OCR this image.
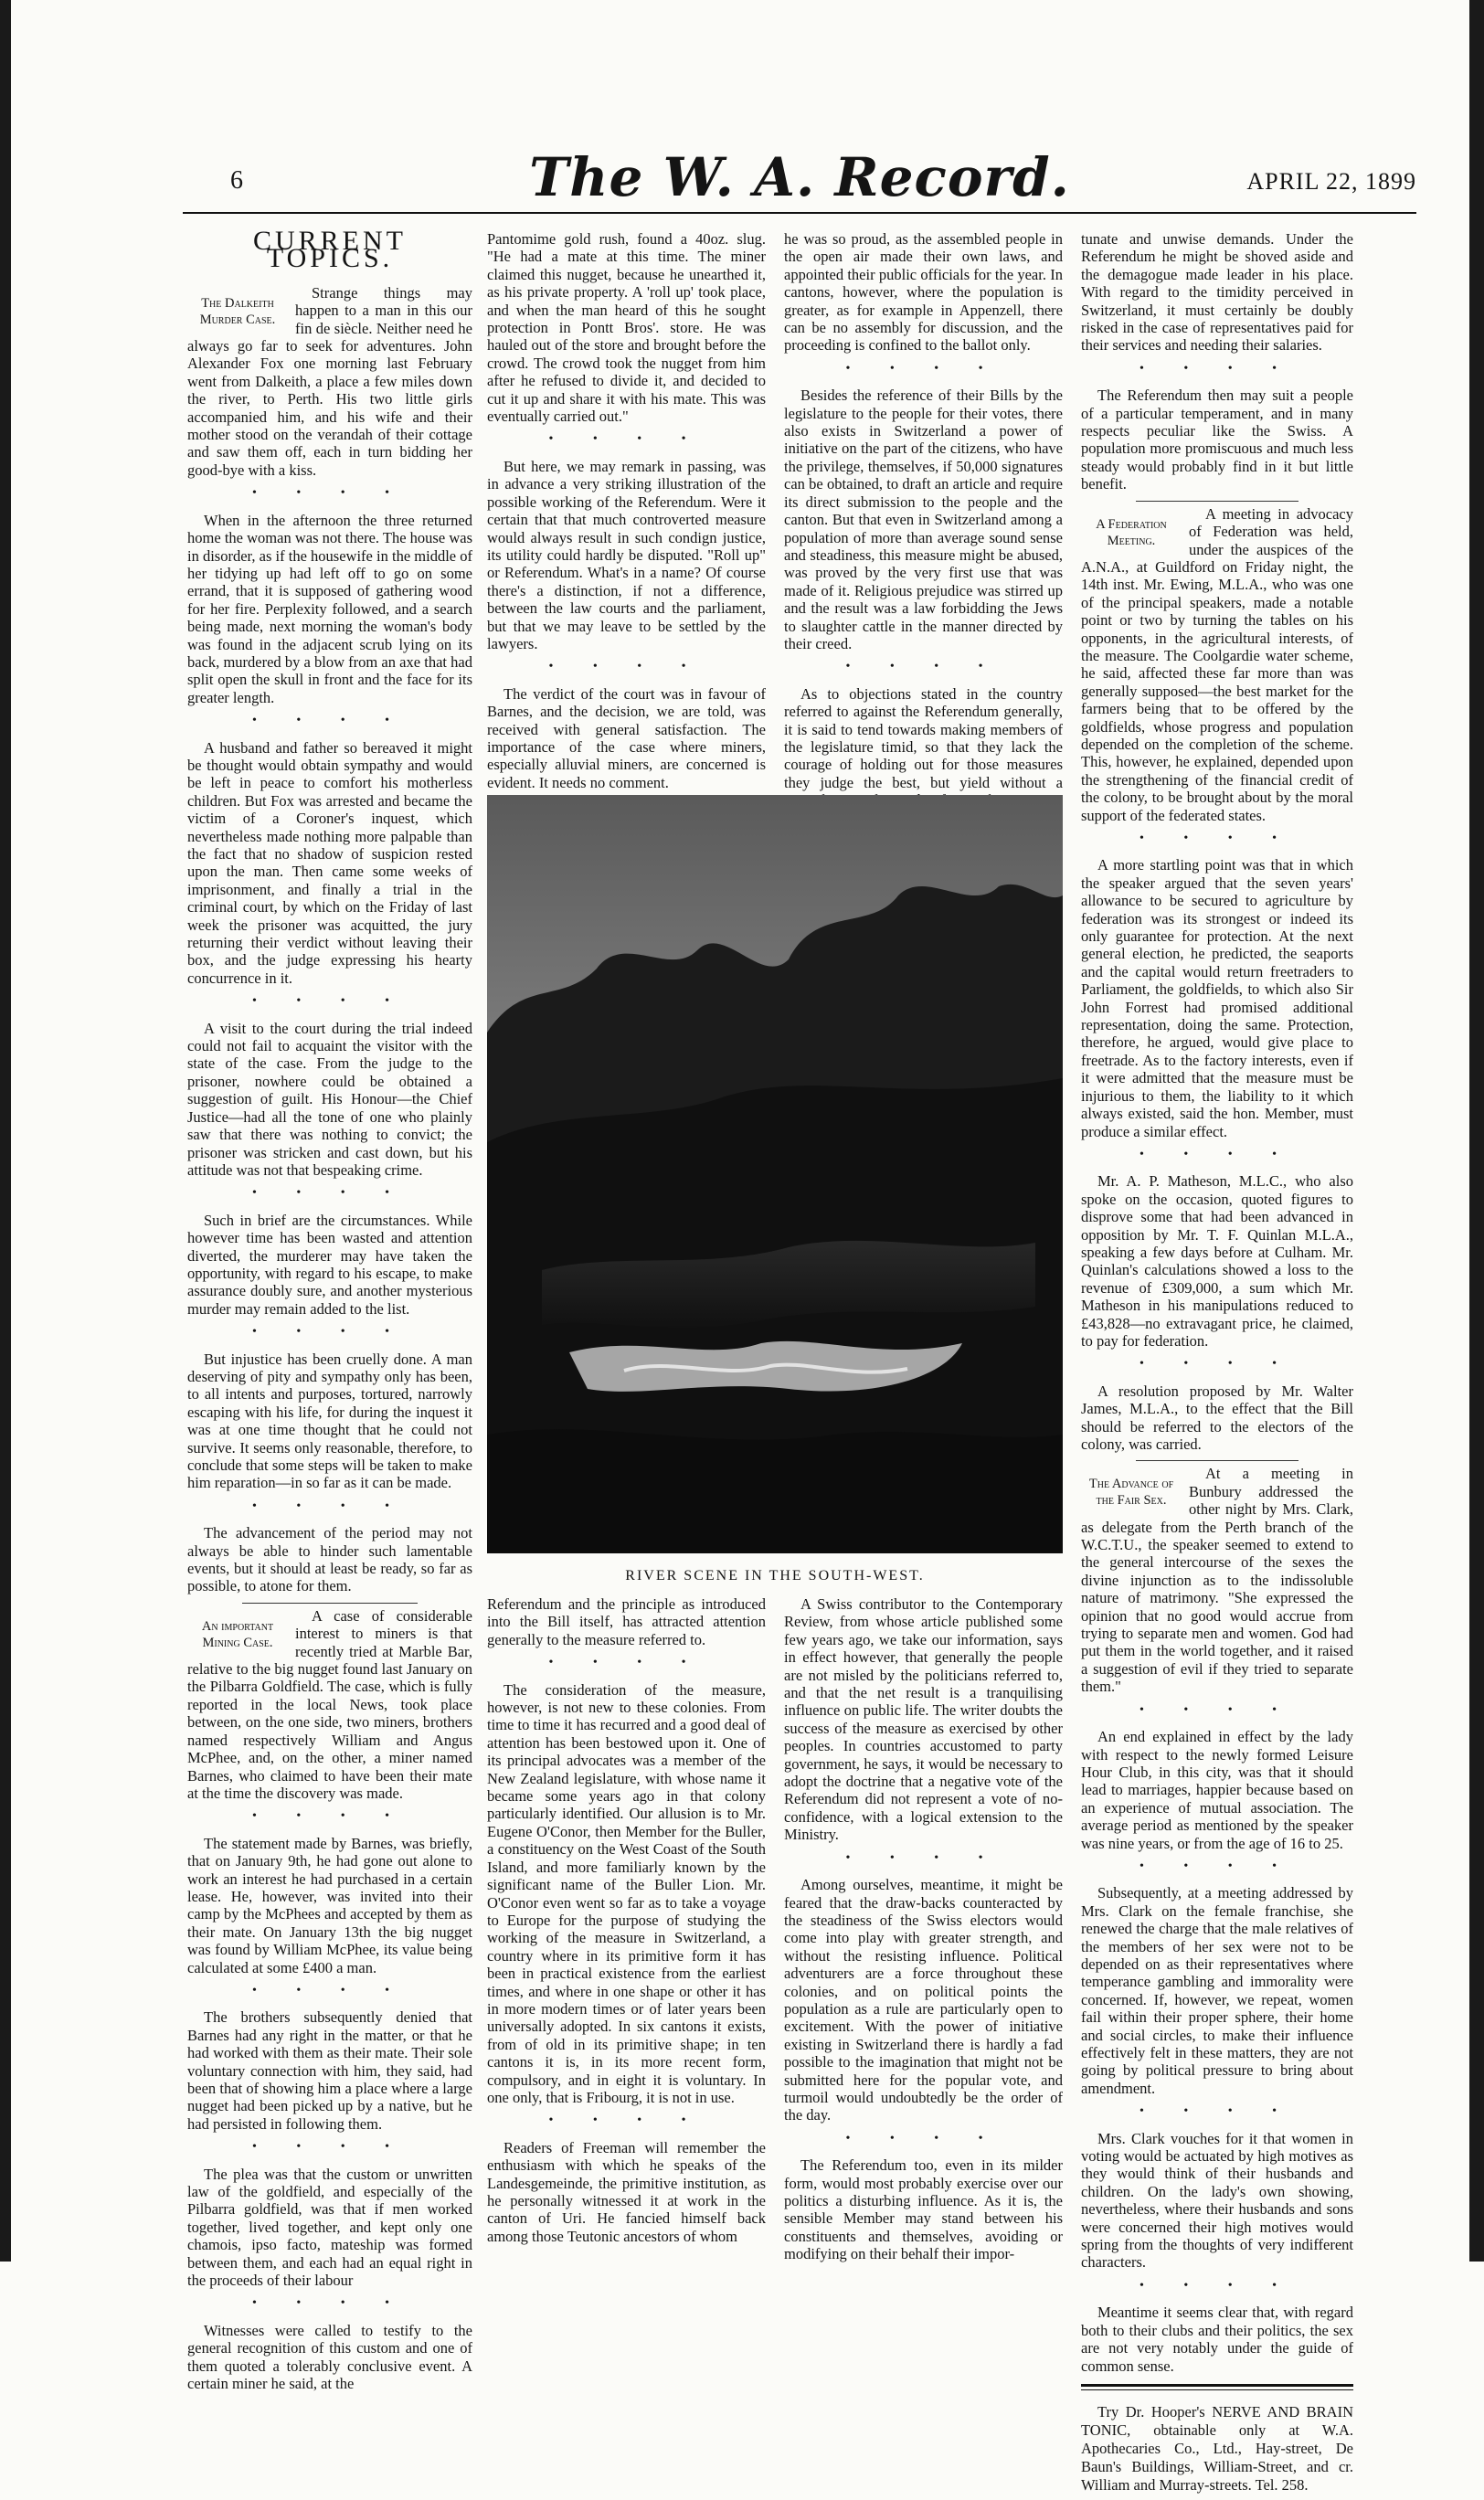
6	The W. A. Record.	APRIL 22, 1899
CURRENT TOPICS.
The Dalkeith Murder Case.

Strange things may happen to a man in this our fin de siècle. Neither need he always go far to seek for adventures. John Alexander Fox one morning last February went from Dalkeith, a place a few miles down the river, to Perth. His two little girls accompanied him, and his wife and their mother stood on the verandah of their cottage and saw them off, each in turn bidding her good-bye with a kiss.

• • • •

When in the afternoon the three returned home the woman was not there. The house was in disorder, as if the housewife in the middle of her tidying up had left off to go on some errand, that it is supposed of gathering wood for her fire. Perplexity followed, and a search being made, next morning the woman's body was found in the adjacent scrub lying on its back, murdered by a blow from an axe that had split open the skull in front and the face for its greater length.

• • • •

A husband and father so bereaved it might be thought would obtain sympathy and would be left in peace to comfort his motherless children. But Fox was arrested and became the victim of a Coroner's inquest, which nevertheless made nothing more palpable than the fact that no shadow of suspicion rested upon the man. Then came some weeks of imprisonment, and finally a trial in the criminal court, by which on the Friday of last week the prisoner was acquitted, the jury returning their verdict without leaving their box, and the judge expressing his hearty concurrence in it.

• • • •

A visit to the court during the trial indeed could not fail to acquaint the visitor with the state of the case. From the judge to the prisoner, nowhere could be obtained a suggestion of guilt. His Honour—the Chief Justice—had all the tone of one who plainly saw that there was nothing to convict; the prisoner was stricken and cast down, but his attitude was not that bespeaking crime.

• • • •

Such in brief are the circumstances. While however time has been wasted and attention diverted, the murderer may have taken the opportunity, with regard to his escape, to make assurance doubly sure, and another mysterious murder may remain added to the list.

• • • •

But injustice has been cruelly done. A man deserving of pity and sympathy only has been, to all intents and purposes, tortured, narrowly escaping with his life, for during the inquest it was at one time thought that he could not survive. It seems only reasonable, therefore, to conclude that some steps will be taken to make him reparation—in so far as it can be made.

• • • •

The advancement of the period may not always be able to hinder such lamentable events, but it should at least be ready, so far as possible, to atone for them.

An important Mining Case.

A case of considerable interest to miners is that recently tried at Marble Bar, relative to the big nugget found last January on the Pilbarra Goldfield. The case, which is fully reported in the local News, took place between, on the one side, two miners, brothers named respectively William and Angus McPhee, and, on the other, a miner named Barnes, who claimed to have been their mate at the time the discovery was made.

• • • •

The statement made by Barnes, was briefly, that on January 9th, he had gone out alone to work an interest he had purchased in a certain lease. He, however, was invited into their camp by the McPhees and accepted by them as their mate. On January 13th the big nugget was found by William McPhee, its value being calculated at some £400 a man.

• • • •

The brothers subsequently denied that Barnes had any right in the matter, or that he had worked with them as their mate. Their sole voluntary connection with him, they said, had been that of showing him a place where a large nugget had been picked up by a native, but he had persisted in following them.

• • • •

The plea was that the custom or unwritten law of the goldfield, and especially of the Pilbarra goldfield, was that if men worked together, lived together, and kept only one chamois, ipso facto, mateship was formed between them, and each had an equal right in the proceeds of their labour

• • • •

Witnesses were called to testify to the general recognition of this custom and one of them quoted a tolerably conclusive event. A certain miner he said, at the

Pantomime gold rush, found a 40oz. slug. "He had a mate at this time. The miner claimed this nugget, because he unearthed it, as his private property. A 'roll up' took place, and when the man heard of this he sought protection in Pontt Bros'. store. He was hauled out of the store and brought before the crowd. The crowd took the nugget from him after he refused to divide it, and decided to cut it up and share it with his mate. This was eventually carried out."

• • • •

But here, we may remark in passing, was in advance a very striking illustration of the possible working of the Referendum. Were it certain that that much controverted measure would always result in such condign justice, its utility could hardly be disputed. "Roll up" or Referendum. What's in a name? Of course there's a distinction, if not a difference, between the law courts and the parliament, but that we may leave to be settled by the lawyers.

• • • •

The verdict of the court was in favour of Barnes, and the decision, we are told, was received with general satisfaction. The importance of the case where miners, especially alluvial miners, are concerned is evident. It needs no comment.

he was so proud, as the assembled people in the open air made their own laws, and appointed their public officials for the year. In cantons, however, where the population is greater, as for example in Appenzell, there can be no assembly for discussion, and the proceeding is confined to the ballot only.

• • • •

Besides the reference of their Bills by the legislature to the people for their votes, there also exists in Switzerland a power of initiative on the part of the citizens, who have the privilege, themselves, if 50,000 signatures can be obtained, to draft an article and require its direct submission to the people and the canton. But that even in Switzerland among a population of more than average sound sense and steadiness, this measure might be abused, was proved by the very first use that was made of it. Religious prejudice was stirred up and the result was a law forbidding the Jews to slaughter cattle in the manner directed by their creed.

• • • •

As to objections stated in the country referred to against the Referendum generally, it is said to tend towards making members of the legislature timid, so that they lack the courage of holding out for those measures they judge the best, but yield without a

RIVER SCENE IN THE SOUTH-WEST.

Referendum and the principle as introduced into the Bill itself, has attracted attention generally to the measure referred to.

• • • •

The consideration of the measure, however, is not new to these colonies. From time to time it has recurred and a good deal of attention has been bestowed upon it. One of its principal advocates was a member of the New Zealand legislature, with whose name it became some years ago in that colony particularly identified. Our allusion is to Mr. Eugene O'Conor, then Member for the Buller, a constituency on the West Coast of the South Island, and more familiarly known by the significant name of the Buller Lion. Mr. O'Conor even went so far as to take a voyage to Europe for the purpose of studying the working of the measure in Switzerland, a country where in its primitive form it has been in practical existence from the earliest times, and where in one shape or other it has in more modern times or of later years been universally adopted. In six cantons it exists, from of old in its primitive shape; in ten cantons it is, in its more recent form, compulsory, and in eight it is voluntary. In one only, that is Fribourg, it is not in use.

• • • •

Readers of Freeman will remember the enthusiasm with which he speaks of the Landesgemeinde, the primitive institution, as he personally witnessed it at work in the canton of Uri. He fancied himself back among those Teutonic ancestors of whom

A Swiss contributor to the Contemporary Review, from whose article published some few years ago, we take our information, says in effect however, that generally the people are not misled by the politicians referred to, and that the net result is a tranquilising influence on public life. The writer doubts the success of the measure as exercised by other peoples. In countries accustomed to party government, he says, it would be necessary to adopt the doctrine that a negative vote of the Referendum did not represent a vote of no-confidence, with a logical extension to the Ministry.

• • • •

Among ourselves, meantime, it might be feared that the draw-backs counteracted by the steadiness of the Swiss electors would come into play with greater strength, and without the resisting influence. Political adventurers are a force throughout these colonies, and on political points the population as a rule are particularly open to excitement. With the power of initiative existing in Switzerland there is hardly a fad possible to the imagination that might not be submitted here for the popular vote, and turmoil would undoubtedly be the order of the day.

• • • •

The Referendum too, even in its milder form, would most probably exercise over our politics a disturbing influence. As it is, the sensible Member may stand between his constituents and themselves, avoiding or modifying on their behalf their impor-

tunate and unwise demands. Under the Referendum he might be shoved aside and the demagogue made leader in his place. With regard to the timidity perceived in Switzerland, it must certainly be doubly risked in the case of representatives paid for their services and needing their salaries.

• • • •

The Referendum then may suit a people of a particular temperament, and in many respects peculiar like the Swiss. A population more promiscuous and much less steady would probably find in it but little benefit.

A Federation Meeting.

A meeting in advocacy of Federation was held, under the auspices of the A.N.A., at Guildford on Friday night, the 14th inst. Mr. Ewing, M.L.A., who was one of the principal speakers, made a notable point or two by turning the tables on his opponents, in the agricultural interests, of the measure. The Coolgardie water scheme, he said, affected these far more than was generally supposed—the best market for the farmers being that to be offered by the goldfields, whose progress and population depended on the completion of the scheme. This, however, he explained, depended upon the strengthening of the financial credit of the colony, to be brought about by the moral support of the federated states.

• • • •

A more startling point was that in which the speaker argued that the seven years' allowance to be secured to agriculture by federation was its strongest or indeed its only guarantee for protection. At the next general election, he predicted, the seaports and the capital would return freetraders to Parliament, the goldfields, to which also Sir John Forrest had promised additional representation, doing the same. Protection, therefore, he argued, would give place to freetrade. As to the factory interests, even if it were admitted that the measure must be injurious to them, the liability to it which always existed, said the hon. Member, must produce a similar effect.

• • • •

Mr. A. P. Matheson, M.L.C., who also spoke on the occasion, quoted figures to disprove some that had been advanced in opposition by Mr. T. F. Quinlan M.L.A., speaking a few days before at Culham. Mr. Quinlan's calculations showed a loss to the revenue of £309,000, a sum which Mr. Matheson in his manipulations reduced to £43,828—no extravagant price, he claimed, to pay for federation.

• • • •

A resolution proposed by Mr. Walter James, M.L.A., to the effect that the Bill should be referred to the electors of the colony, was carried.

The Advance of the Fair Sex.

At a meeting in Bunbury addressed the other night by Mrs. Clark, as delegate from the Perth branch of the W.C.T.U., the speaker seemed to extend to the general intercourse of the sexes the divine injunction as to the indissoluble nature of matrimony. "She expressed the opinion that no good would accrue from trying to separate men and women. God had put them in the world together, and it raised a suggestion of evil if they tried to separate them."

• • • •

An end explained in effect by the lady with respect to the newly formed Leisure Hour Club, in this city, was that it should lead to marriages, happier because based on an experience of mutual association. The average period as mentioned by the speaker was nine years, or from the age of 16 to 25.

• • • •

Subsequently, at a meeting addressed by Mrs. Clark on the female franchise, she renewed the charge that the male relatives of the members of her sex were not to be depended on as their representatives where temperance gambling and immorality were concerned. If, however, we repeat, women fail within their proper sphere, their home and social circles, to make their influence effectively felt in these matters, they are not going by political pressure to bring about amendment.

• • • •

Mrs. Clark vouches for it that women in voting would be actuated by high motives as they would think of their husbands and children. On the lady's own showing, nevertheless, where their husbands and sons were concerned their high motives would spring from the thoughts of very indifferent characters.

• • • •

Meantime it seems clear that, with regard both to their clubs and their politics, the sex are not very notably under the guide of common sense.

Try Dr. Hooper's NERVE AND BRAIN TONIC, obtainable only at W.A. Apothecaries Co., Ltd., Hay-street, De Baun's Buildings, William-Street, and cr. William and Murray-streets. Tel. 258.
